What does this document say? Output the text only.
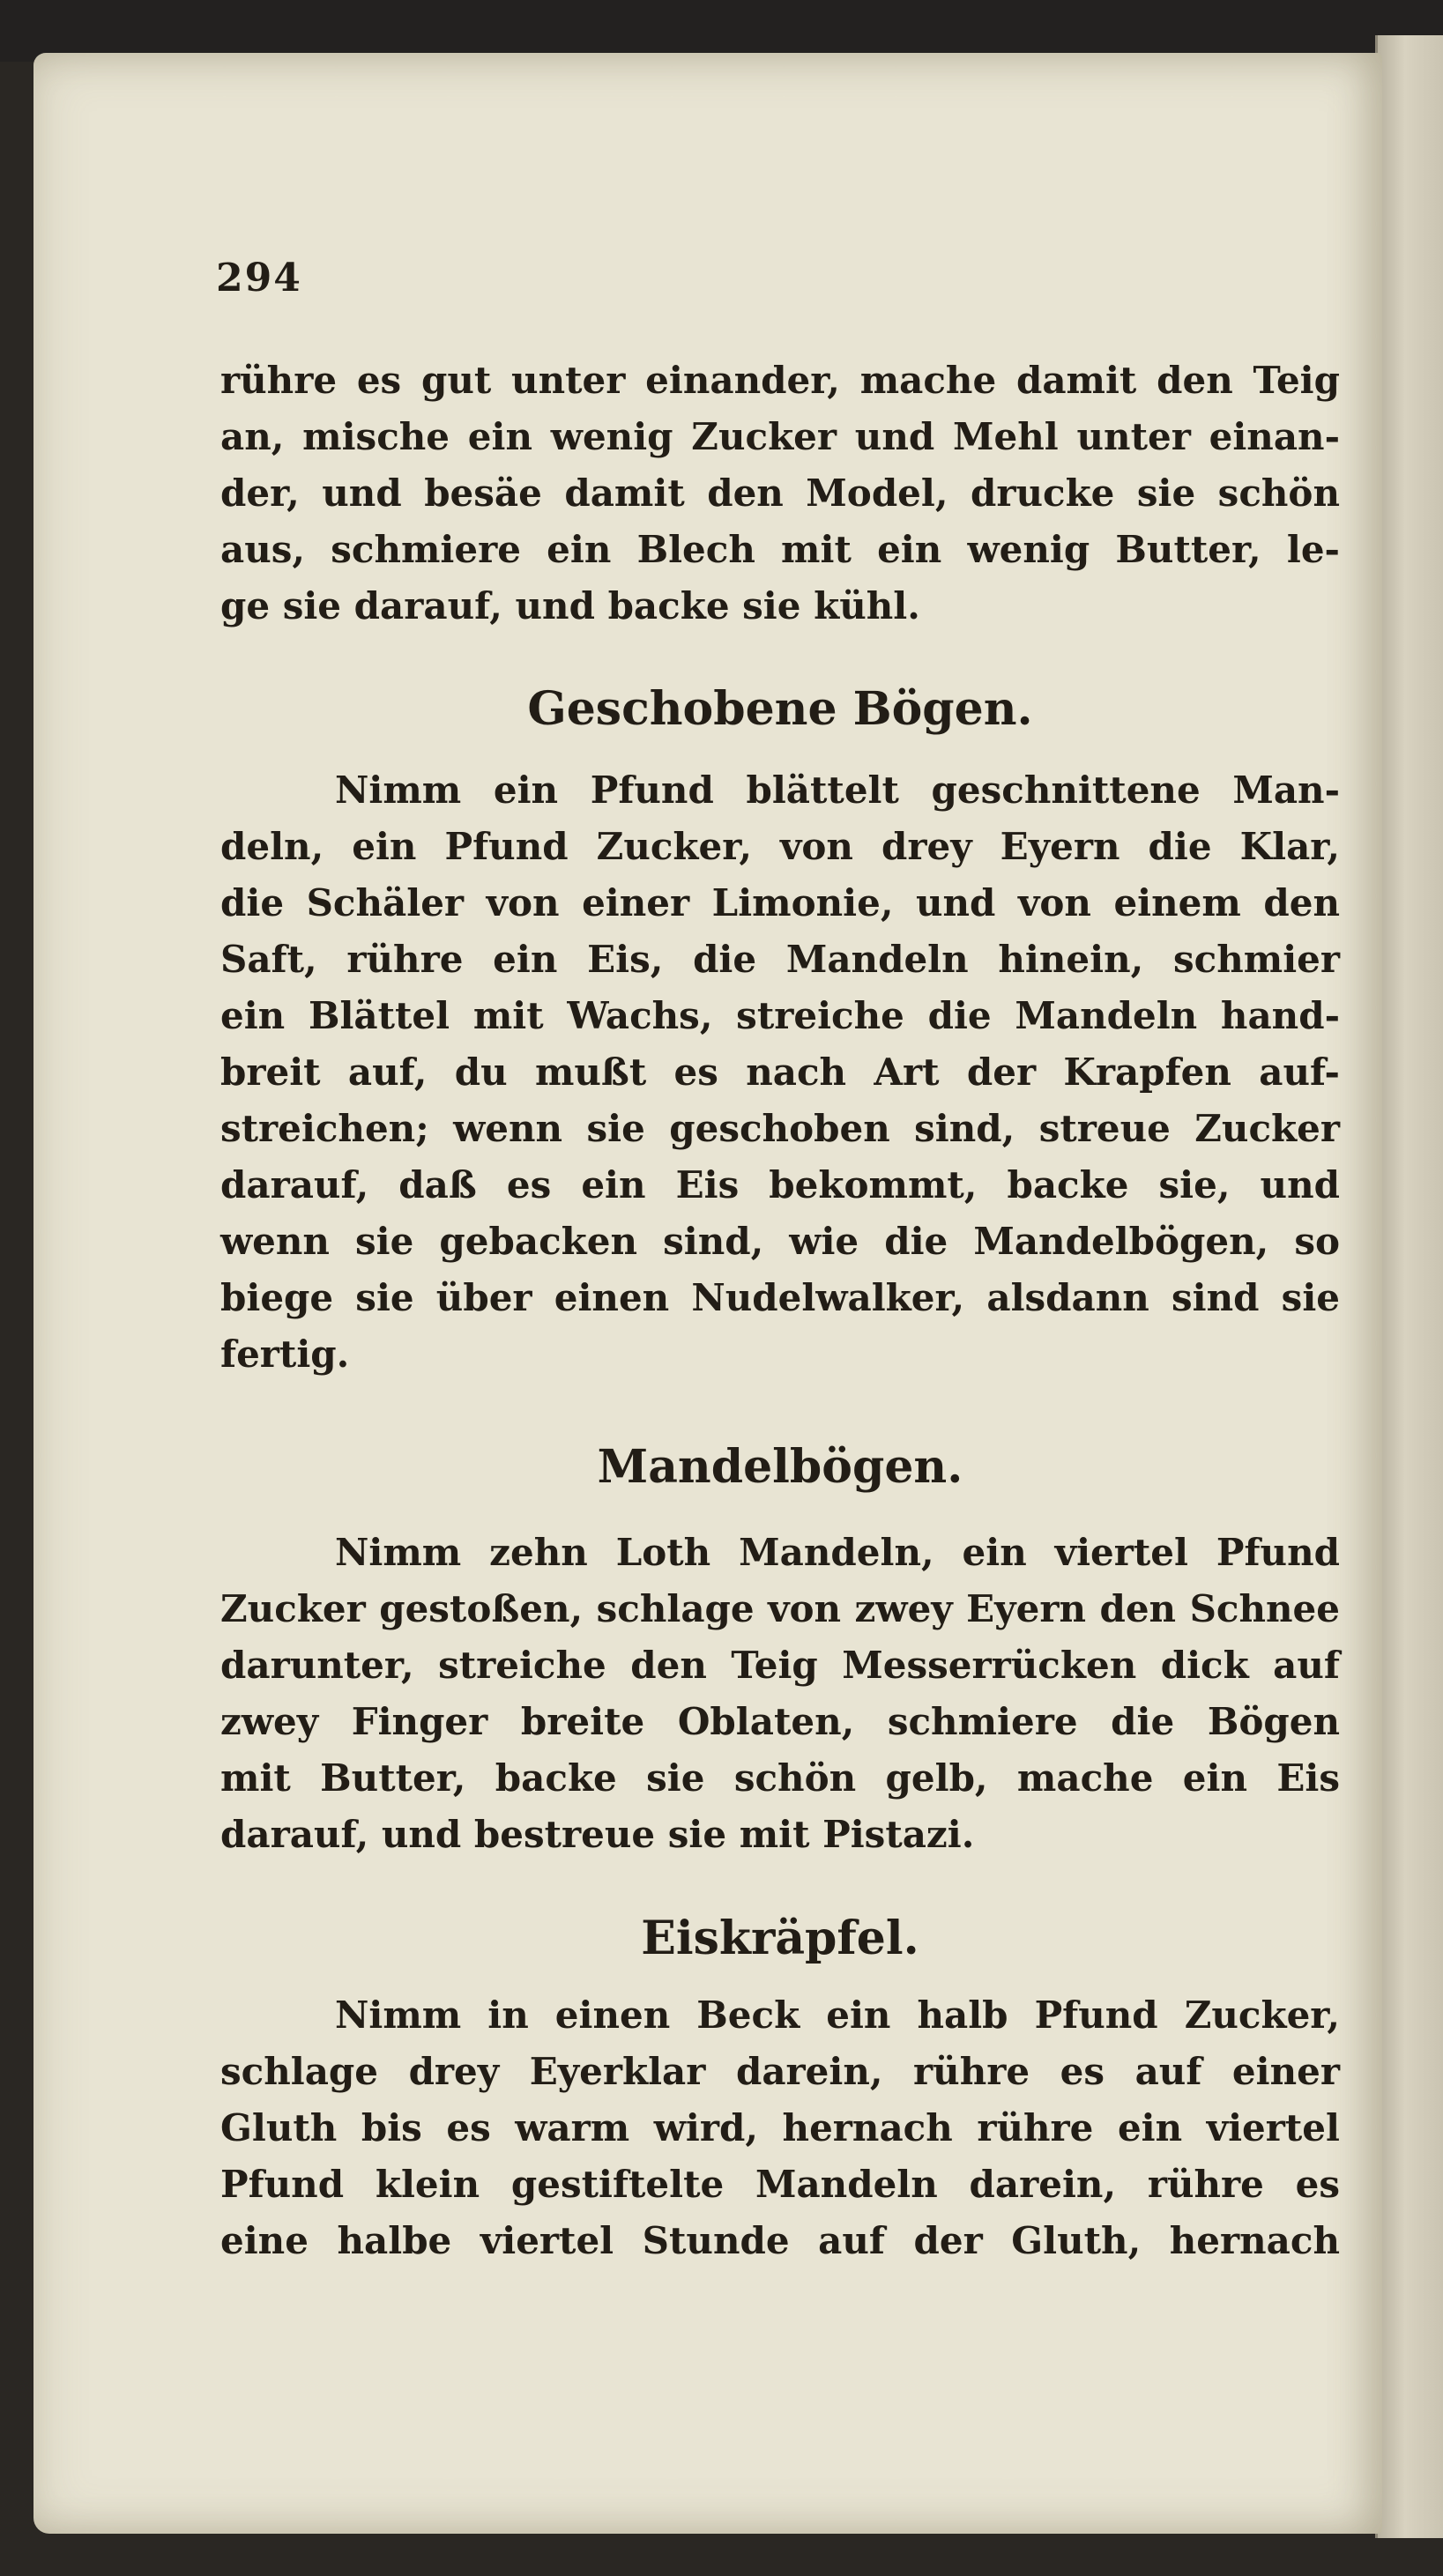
294
rühre es gut unter einander, mache damit den Teig
an, mische ein wenig Zucker und Mehl unter einan-
der, und besäe damit den Model, drucke sie schön
aus, schmiere ein Blech mit ein wenig Butter, le-
ge sie darauf, und backe sie kühl.
Geschobene Bögen.
Nimm ein Pfund blättelt geschnittene Man-
deln, ein Pfund Zucker, von drey Eyern die Klar,
die Schäler von einer Limonie, und von einem den
Saft, rühre ein Eis, die Mandeln hinein, schmier
ein Blättel mit Wachs, streiche die Mandeln hand-
breit auf, du mußt es nach Art der Krapfen auf-
streichen; wenn sie geschoben sind, streue Zucker
darauf, daß es ein Eis bekommt, backe sie, und
wenn sie gebacken sind, wie die Mandelbögen, so
biege sie über einen Nudelwalker, alsdann sind sie
fertig.
Mandelbögen.
Nimm zehn Loth Mandeln, ein viertel Pfund
Zucker gestoßen, schlage von zwey Eyern den Schnee
darunter, streiche den Teig Messerrücken dick auf
zwey Finger breite Oblaten, schmiere die Bögen
mit Butter, backe sie schön gelb, mache ein Eis
darauf, und bestreue sie mit Pistazi.
Eiskräpfel.
Nimm in einen Beck ein halb Pfund Zucker,
schlage drey Eyerklar darein, rühre es auf einer
Gluth bis es warm wird, hernach rühre ein viertel
Pfund klein gestiftelte Mandeln darein, rühre es
eine halbe viertel Stunde auf der Gluth, hernach
